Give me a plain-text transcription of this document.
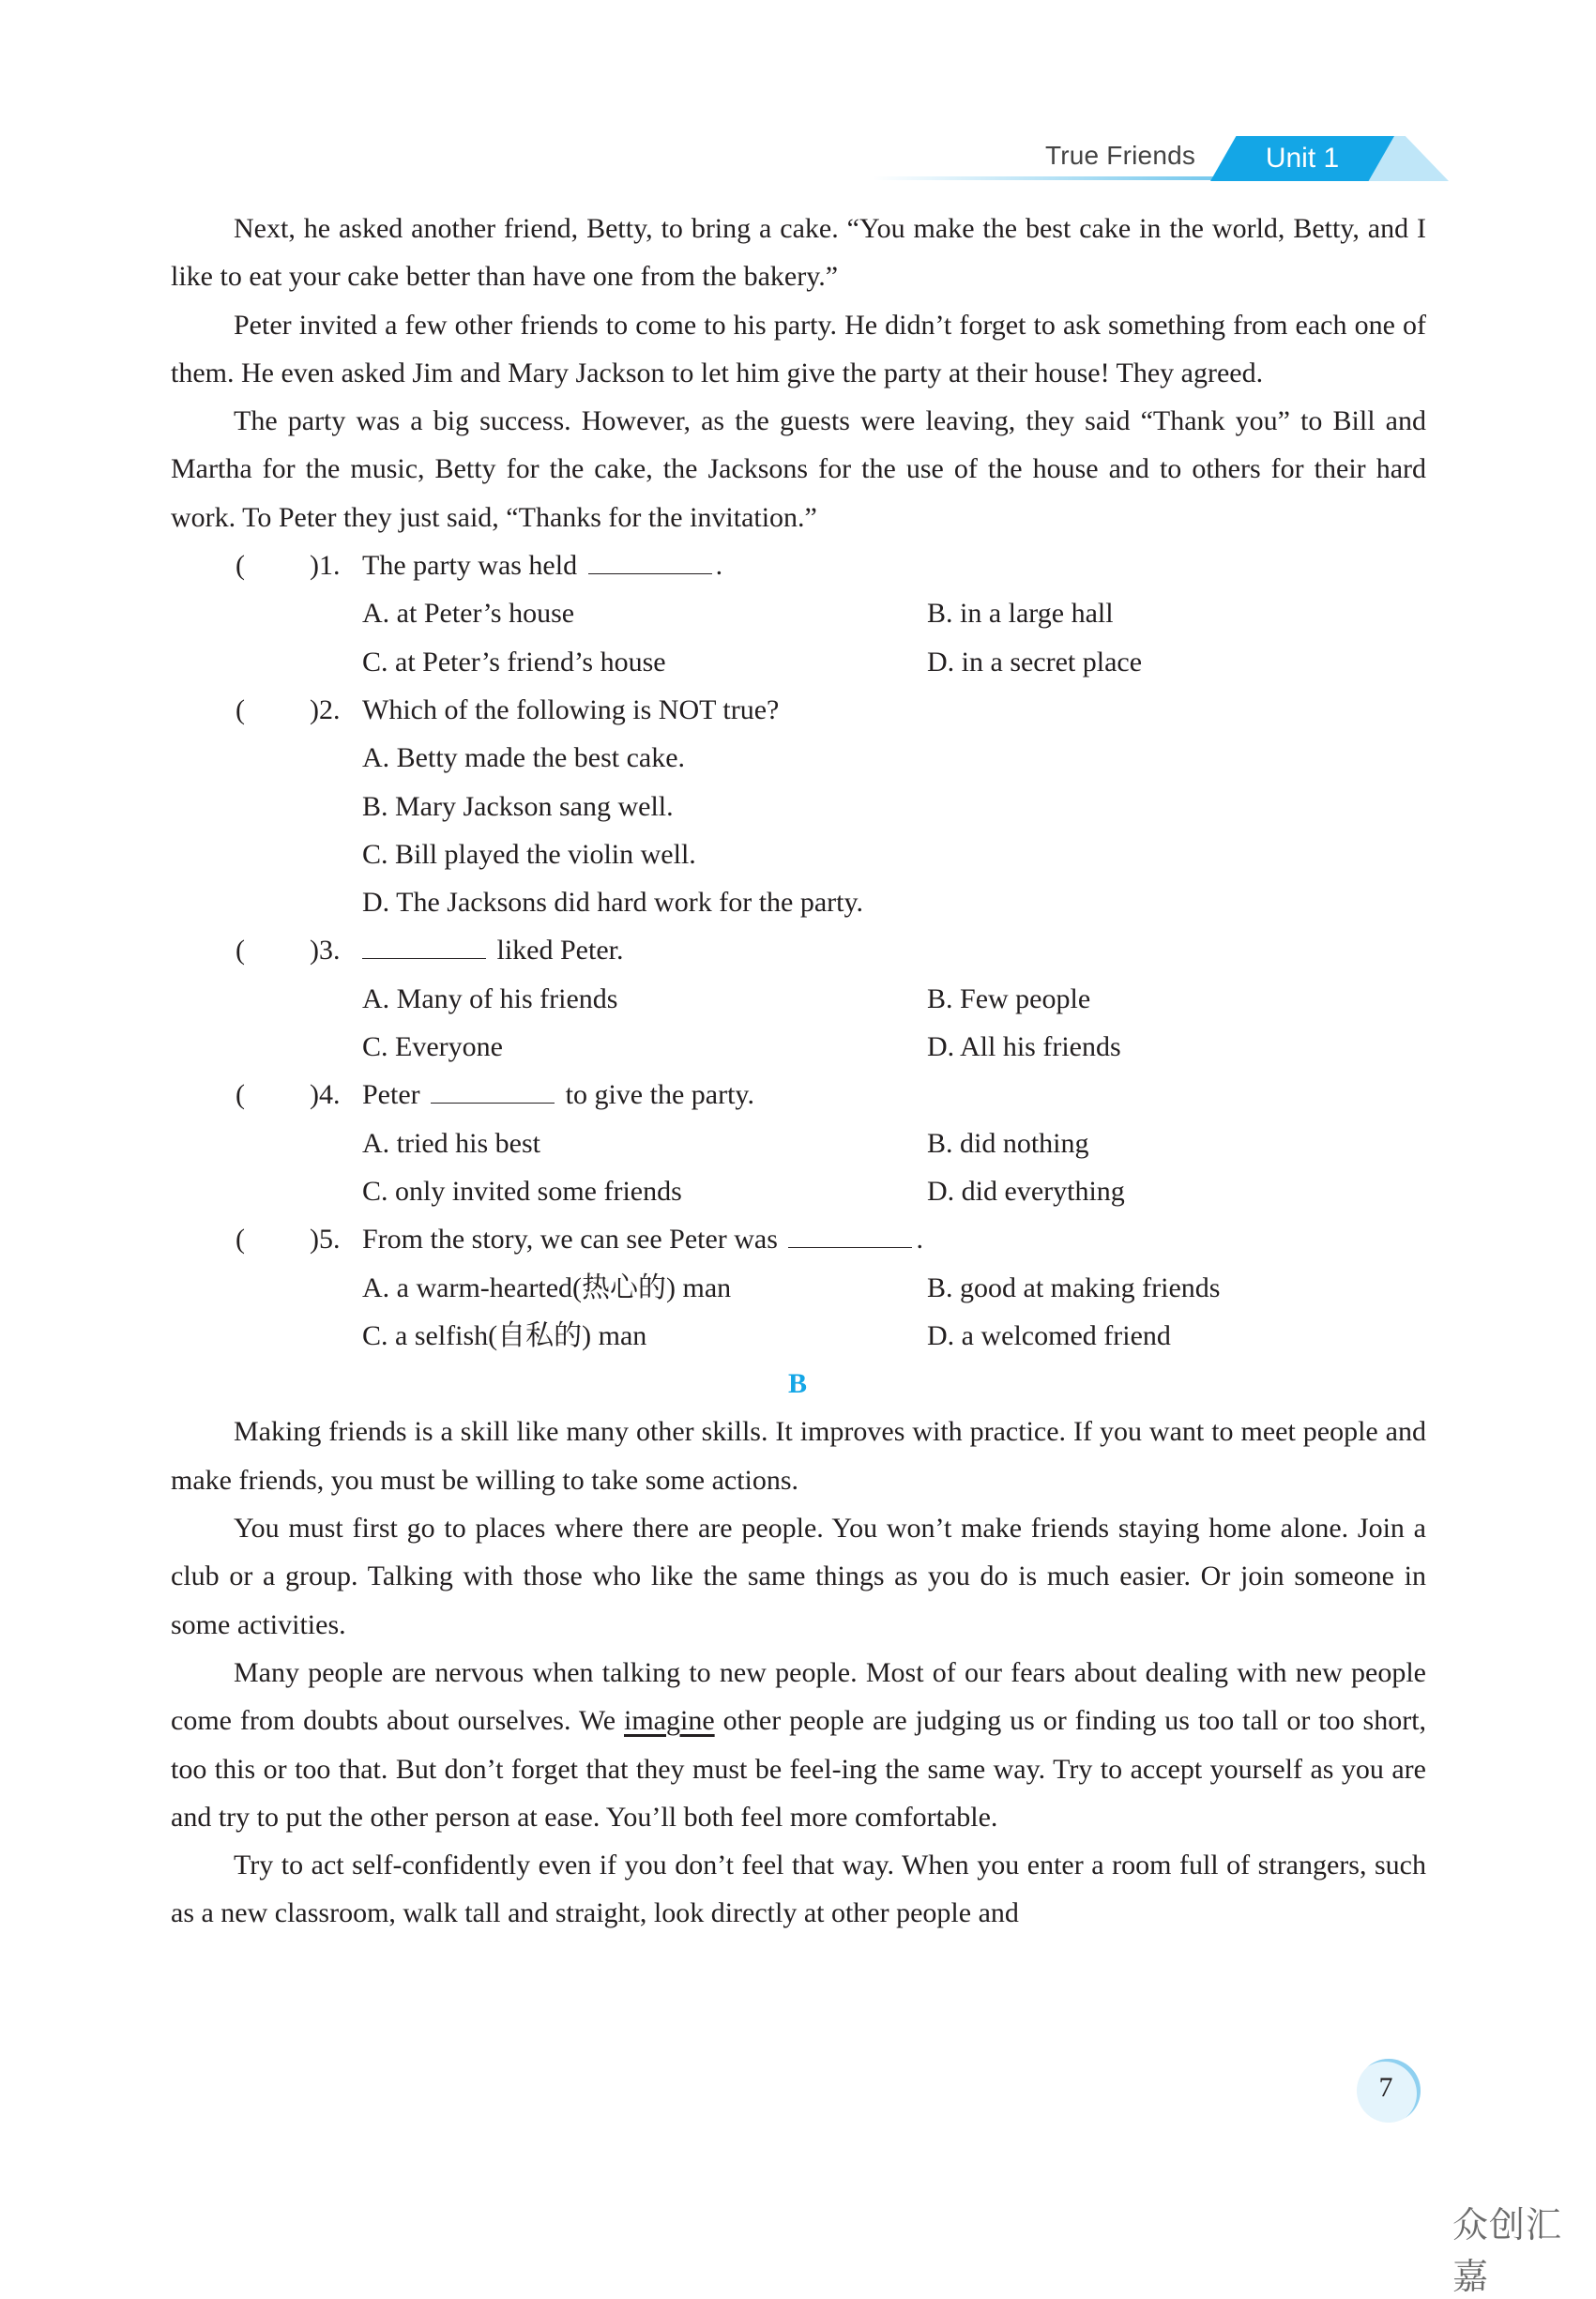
True Friends	Unit 1

Next, he asked another friend, Betty, to bring a cake. “You make the best cake in the world, Betty, and I like to eat your cake better than have one from the bakery.”

Peter invited a few other friends to come to his party. He didn’t forget to ask something from each one of them. He even asked Jim and Mary Jackson to let him give the party at their house! They agreed.

The party was a big success. However, as the guests were leaving, they said “Thank you” to Bill and Martha for the music, Betty for the cake, the Jacksons for the use of the house and to others for their hard work. To Peter they just said, “Thanks for the invitation.”

( )1. The party was held	.
A. at Peter’s house	B. in a large hall
C. at Peter’s friend’s house	D. in a secret place
( )2. Which of the following is NOT true?
A. Betty made the best cake.
B. Mary Jackson sang well.
C. Bill played the violin well.
D. The Jacksons did hard work for the party.
( )3.	liked Peter.
A. Many of his friends	B. Few people
C. Everyone	D. All his friends
( )4. Peter	to give the party.
A. tried his best	B. did nothing
C. only invited some friends	D. did everything
( )5. From the story, we can see Peter was	.
A. a warm-hearted(热心的) man	B. good at making friends
C. a selfish(自私的) man	D. a welcomed friend
B

Making friends is a skill like many other skills. It improves with practice. If you want to meet people and make friends, you must be willing to take some actions.

You must first go to places where there are people. You won’t make friends staying home alone. Join a club or a group. Talking with those who like the same things as you do is much easier. Or join someone in some activities.

Many people are nervous when talking to new people. Most of our fears about dealing with new people come from doubts about ourselves. We imagine other people are judging us or finding us too tall or too short, too this or too that. But don’t forget that they must be feel-ing the same way. Try to accept yourself as you are and try to put the other person at ease. You’ll both feel more comfortable.

Try to act self-confidently even if you don’t feel that way. When you enter a room full of strangers, such as a new classroom, walk tall and straight, look directly at other people and

7
众创汇嘉
